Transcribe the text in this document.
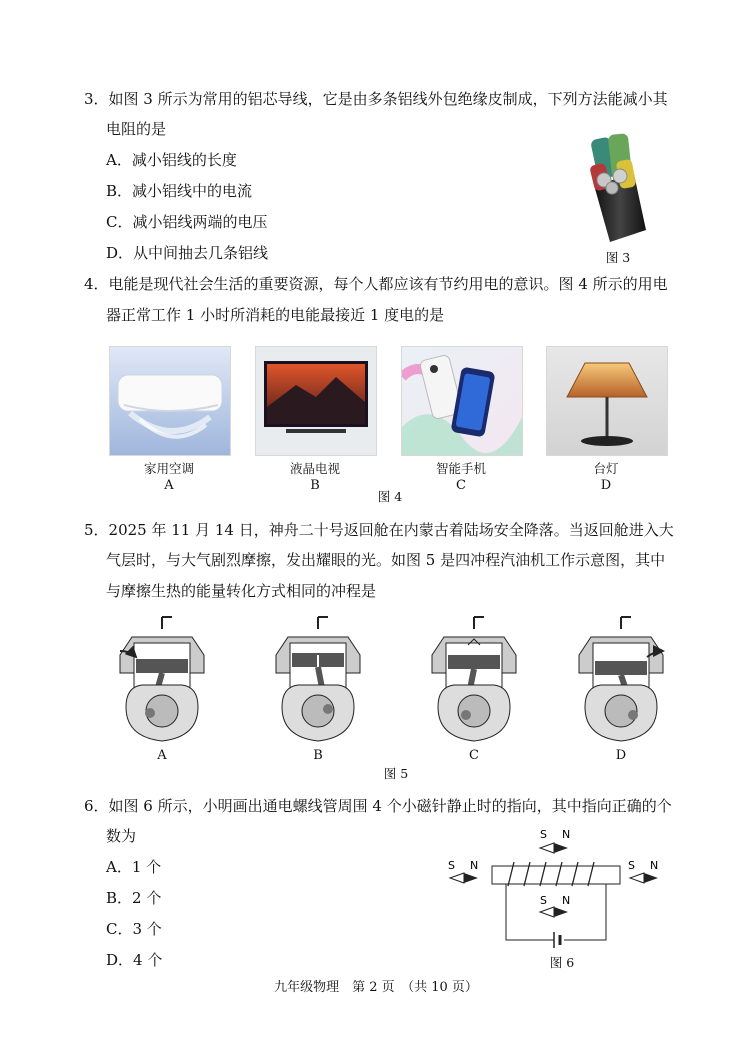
3．如图 3 所示为常用的铝芯导线，它是由多条铝线外包绝缘皮制成，下列方法能减小其
电阻的是
A．减小铝线的长度
B．减小铝线中的电流
C．减小铝线两端的电压
D．从中间抽去几条铝线	图 3
4．电能是现代社会生活的重要资源，每个人都应该有节约用电的意识。图 4 所示的用电
器正常工作 1 小时所消耗的电能最接近 1 度电的是
家用空调	液晶电视	智能手机	台灯
A	B	C	D
图 4
5．2025 年 11 月 14 日，神舟二十号返回舱在内蒙古着陆场安全降落。当返回舱进入大
气层时，与大气剧烈摩擦，发出耀眼的光。如图 5 是四冲程汽油机工作示意图，其中
与摩擦生热的能量转化方式相同的冲程是
A	B	C	D
图 5
6．如图 6 所示，小明画出通电螺线管周围 4 个小磁针静止时的指向，其中指向正确的个
数为
A．1 个
B．2 个
C．3 个
D．4 个
S N
S N	S N
S N
图 6
九年级物理　第 2 页　（共 10 页）
